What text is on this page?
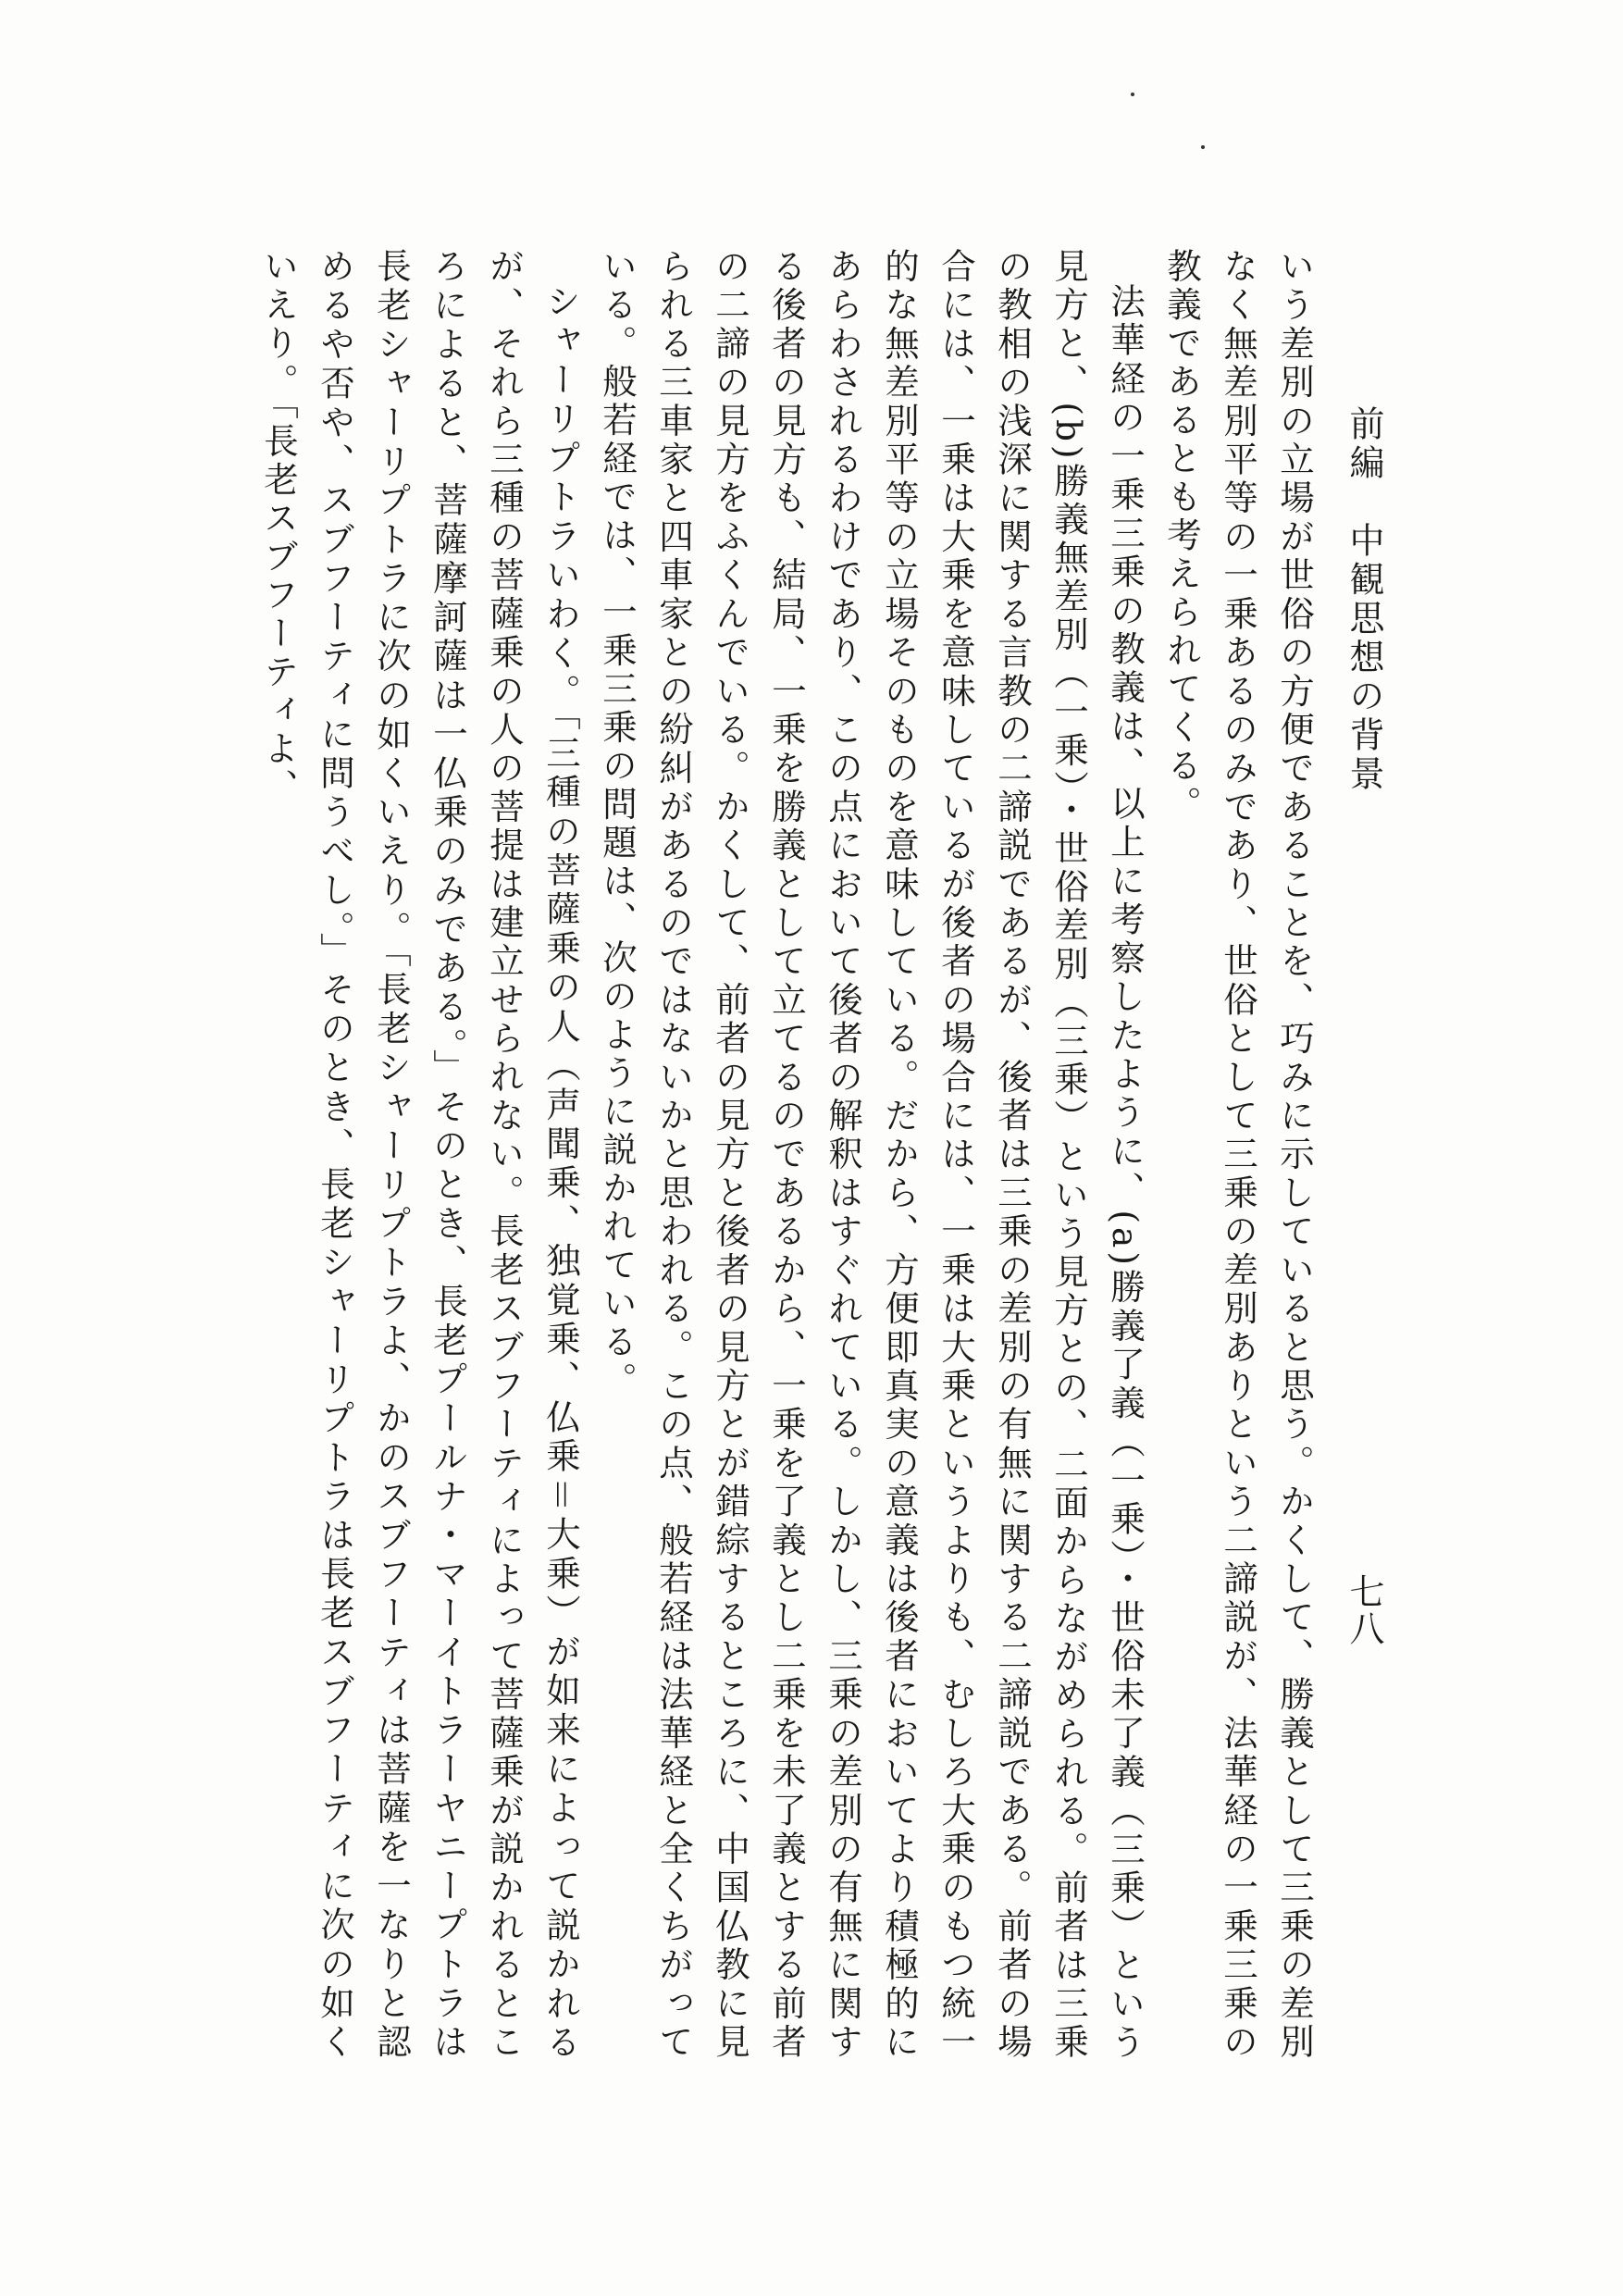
前編　中観思想の背景
七八

いう差別の立場が世俗の方便であることを、巧みに示していると思う。かくして、勝義として三乗の差別なく無差別平等の一乗あるのみであり、世俗として三乗の差別ありという二諦説が、法華経の一乗三乗の教義であるとも考えられてくる。

法華経の一乗三乗の教義は、以上に考察したように、(a)勝義了義（一乗）・世俗未了義（三乗）という見方と、(b)勝義無差別（一乗）・世俗差別（三乗）という見方との、二面からながめられる。前者は三乗の教相の浅深に関する言教の二諦説であるが、後者は三乗の差別の有無に関する二諦説である。前者の場合には、一乗は大乗を意味しているが後者の場合には、一乗は大乗というよりも、むしろ大乗のもつ統一的な無差別平等の立場そのものを意味している。だから、方便即真実の意義は後者においてより積極的にあらわされるわけであり、この点において後者の解釈はすぐれている。しかし、三乗の差別の有無に関する後者の見方も、結局、一乗を勝義として立てるのであるから、一乗を了義とし二乗を未了義とする前者の二諦の見方をふくんでいる。かくして、前者の見方と後者の見方とが錯綜するところに、中国仏教に見られる三車家と四車家との紛糾があるのではないかと思われる。この点、般若経は法華経と全くちがっている。般若経では、一乗三乗の問題は、次のように説かれている。

シャーリプトラいわく。「三種の菩薩乗の人（声聞乗、独覚乗、仏乗＝大乗）が如来によって説かれるが、それら三種の菩薩乗の人の菩提は建立せられない。長老スブフーティによって菩薩乗が説かれるところによると、菩薩摩訶薩は一仏乗のみである。」そのとき、長老プールナ・マーイトラーヤニープトラは長老シャーリプトラに次の如くいえり。「長老シャーリプトラよ、かのスブフーティは菩薩を一なりと認めるや否や、スブフーティに問うべし。」そのとき、長老シャーリプトラは長老スブフーティに次の如くいえり。「長老スブフーティよ、
